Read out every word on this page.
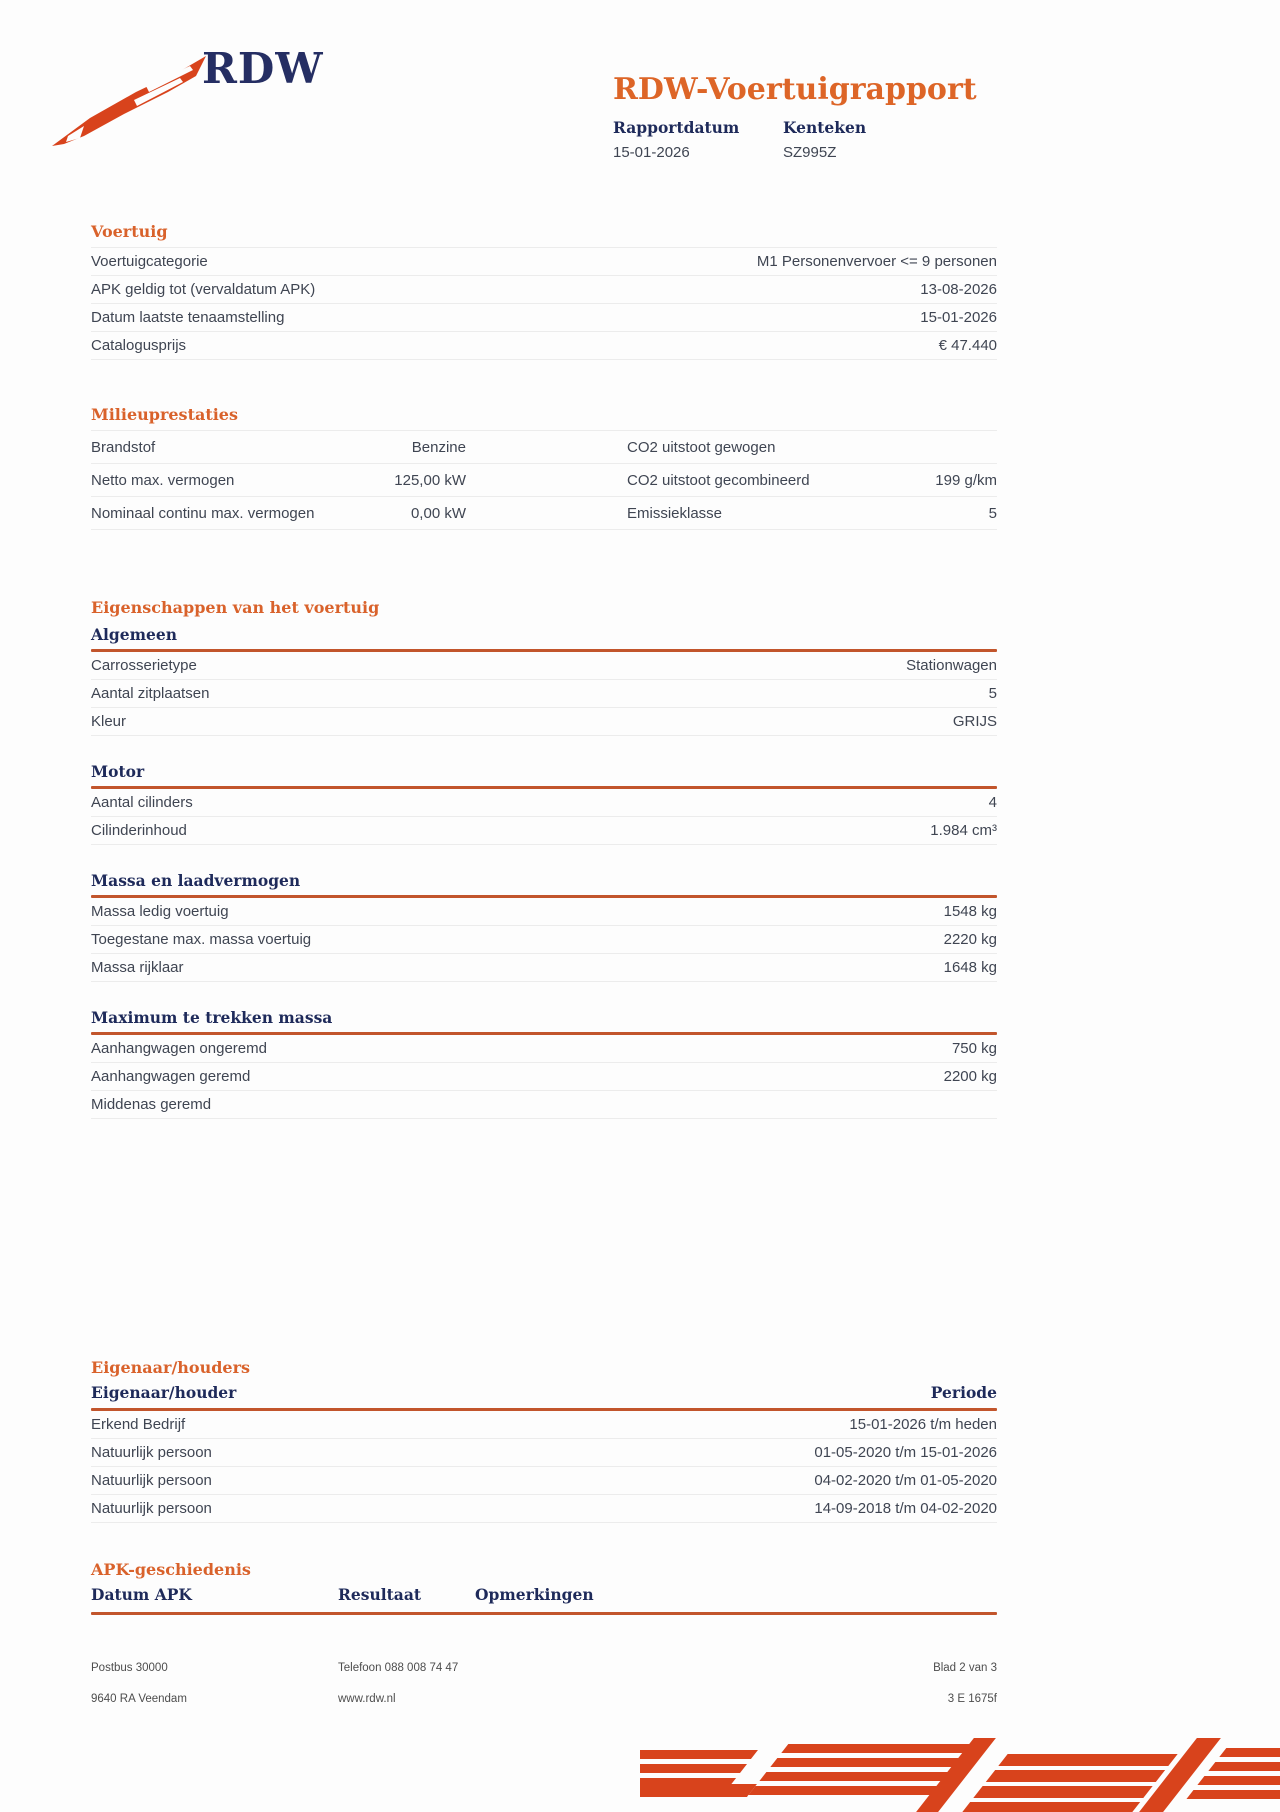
RDW	RDW-Voertuigrapport
Rapportdatum
15-01-2026
Kenteken
SZ995Z
Voertuig
Voertuigcategorie	M1 Personenvervoer <= 9 personen
APK geldig tot (vervaldatum APK)	13-08-2026
Datum laatste tenaamstelling	15-01-2026
Catalogusprijs	€ 47.440
Milieuprestaties
Brandstof	Benzine	CO2 uitstoot gewogen
Netto max. vermogen	125,00 kW	CO2 uitstoot gecombineerd	199 g/km
Nominaal continu max. vermogen	0,00 kW	Emissieklasse	5
Eigenschappen van het voertuig
Algemeen
Carrosserietype	Stationwagen
Aantal zitplaatsen	5
Kleur	GRIJS
Motor
Aantal cilinders	4
Cilinderinhoud	1.984 cm³
Massa en laadvermogen
Massa ledig voertuig	1548 kg
Toegestane max. massa voertuig	2220 kg
Massa rijklaar	1648 kg
Maximum te trekken massa
Aanhangwagen ongeremd	750 kg
Aanhangwagen geremd	2200 kg
Middenas geremd
Eigenaar/houders
Eigenaar/houder	Periode
Erkend Bedrijf	15-01-2026 t/m heden
Natuurlijk persoon	01-05-2020 t/m 15-01-2026
Natuurlijk persoon	04-02-2020 t/m 01-05-2020
Natuurlijk persoon	14-09-2018 t/m 04-02-2020
APK-geschiedenis
Datum APK	Resultaat	Opmerkingen
Postbus 30000	Telefoon 088 008 74 47	Blad 2 van 3
9640 RA Veendam	www.rdw.nl	3 E 1675f
